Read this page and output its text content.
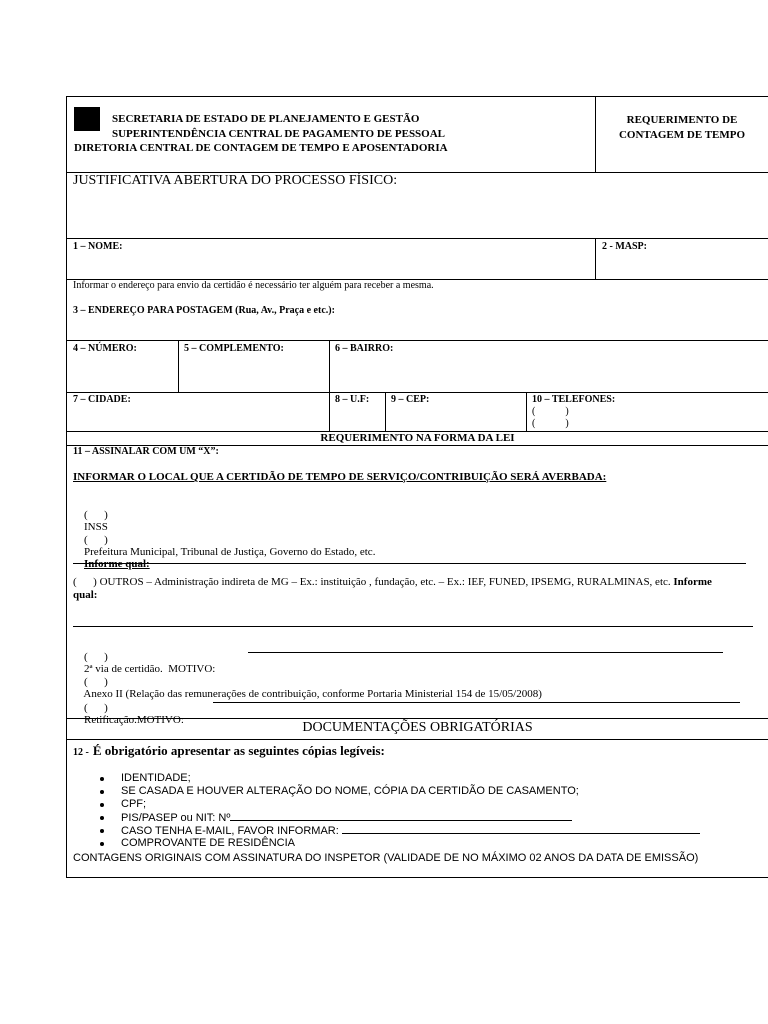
SECRETARIA DE ESTADO DE PLANEJAMENTO E GESTÃO
SUPERINTENDÊNCIA CENTRAL DE PAGAMENTO DE PESSOAL
DIRETORIA CENTRAL DE CONTAGEM DE TEMPO E APOSENTADORIA
REQUERIMENTO DE
CONTAGEM DE TEMPO
JUSTIFICATIVA ABERTURA DO PROCESSO FÍSICO:
1 – NOME:	2 - MASP:
Informar o endereço para envio da certidão é necessário ter alguém para receber a mesma.
3 – ENDEREÇO PARA POSTAGEM (Rua, Av., Praça e etc.):
4 – NÚMERO:	5 – COMPLEMENTO:	6 – BAIRRO:
7 – CIDADE:	8 – U.F: 9 – CEP:	10 – TELEFONES:
(            )
(            )
REQUERIMENTO NA FORMA DA LEI
11 – ASSINALAR COM UM “X”:
INFORMAR O LOCAL QUE A CERTIDÃO DE TEMPO DE SERVIÇO/CONTRIBUIÇÃO SERÁ AVERBADA:

(      )
INSS

(      )
Prefeitura Municipal, Tribunal de Justiça, Governo do Estado, etc.
Informe qual:

(      ) OUTROS – Administração indireta de MG – Ex.: instituição , fundação, etc. – Ex.: IEF, FUNED, IPSEMG, RURALMINAS, etc. Informe
qual:

(      )
2ª via de certidão.  MOTIVO:

(      )
Anexo II (Relação das remunerações de contribuição, conforme Portaria Ministerial 154 de 15/05/2008)

(      )
Retificação.MOTIVO:
	DOCUMENTAÇÕES OBRIGATÓRIAS
12 - É obrigatório apresentar as seguintes cópias legíveis:
IDENTIDADE;
SE CASADA E HOUVER ALTERAÇÃO DO NOME, CÓPIA DA CERTIDÃO DE CASAMENTO;
CPF;
PIS/PASEP ou NIT: Nº
CASO TENHA E-MAIL, FAVOR INFORMAR:
COMPROVANTE DE RESIDÊNCIA
CONTAGENS ORIGINAIS COM ASSINATURA DO INSPETOR (VALIDADE DE NO MÁXIMO 02 ANOS DA DATA DE EMISSÃO)
